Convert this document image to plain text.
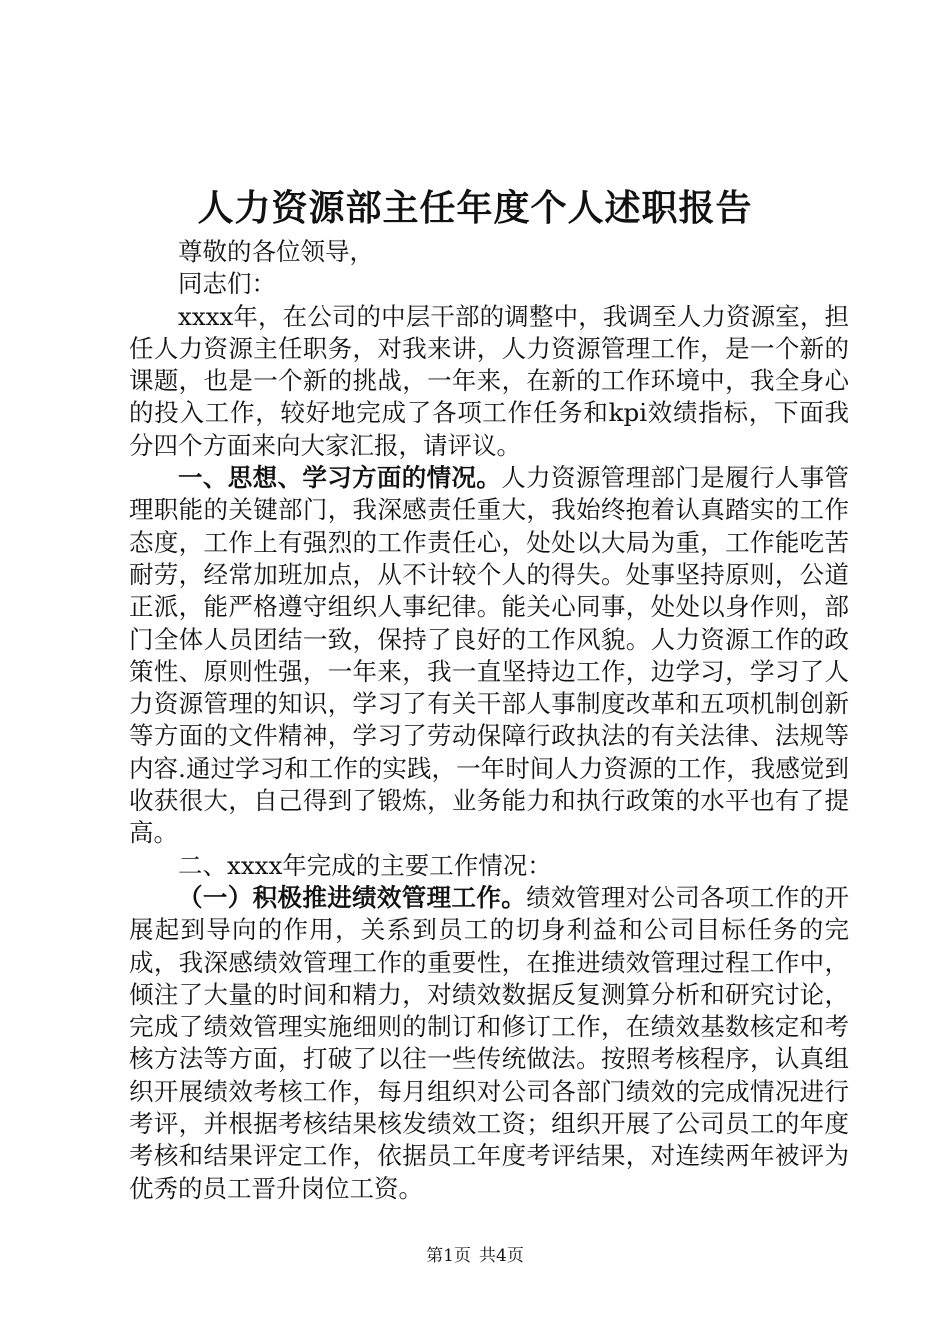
人力资源部主任年度个人述职报告

尊敬的各位领导，

同志们：

xxxx年，在公司的中层干部的调整中，我调至人力资源室，担任人力资源主任职务，对我来讲，人力资源管理工作，是一个新的课题，也是一个新的挑战，一年来，在新的工作环境中，我全身心的投入工作，较好地完成了各项工作任务和kpi效绩指标，下面我分四个方面来向大家汇报，请评议。

一、思想、学习方面的情况。人力资源管理部门是履行人事管理职能的关键部门，我深感责任重大，我始终抱着认真踏实的工作态度，工作上有强烈的工作责任心，处处以大局为重，工作能吃苦耐劳，经常加班加点，从不计较个人的得失。处事坚持原则，公道正派，能严格遵守组织人事纪律。能关心同事，处处以身作则，部门全体人员团结一致，保持了良好的工作风貌。人力资源工作的政策性、原则性强，一年来，我一直坚持边工作，边学习，学习了人力资源管理的知识，学习了有关干部人事制度改革和五项机制创新等方面的文件精神，学习了劳动保障行政执法的有关法律、法规等内容.通过学习和工作的实践，一年时间人力资源的工作，我感觉到收获很大，自己得到了锻炼，业务能力和执行政策的水平也有了提高。

二、xxxx年完成的主要工作情况：

（一）积极推进绩效管理工作。绩效管理对公司各项工作的开展起到导向的作用，关系到员工的切身利益和公司目标任务的完成，我深感绩效管理工作的重要性，在推进绩效管理过程工作中，倾注了大量的时间和精力，对绩效数据反复测算分析和研究讨论，完成了绩效管理实施细则的制订和修订工作，在绩效基数核定和考核方法等方面，打破了以往一些传统做法。按照考核程序，认真组织开展绩效考核工作，每月组织对公司各部门绩效的完成情况进行考评，并根据考核结果核发绩效工资；组织开展了公司员工的年度考核和结果评定工作，依据员工年度考评结果，对连续两年被评为优秀的员工晋升岗位工资。

第1页 共4页
